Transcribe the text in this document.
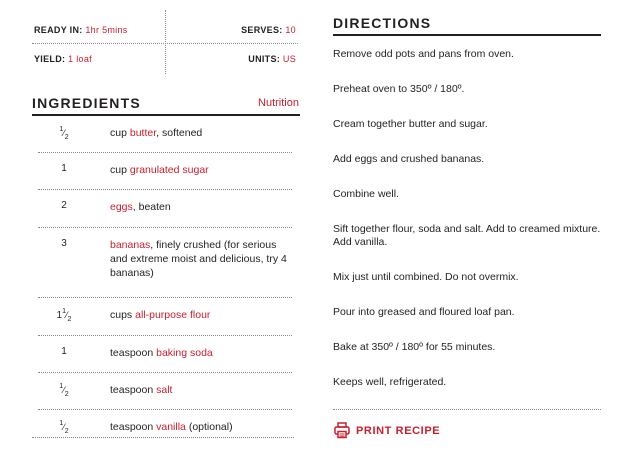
READY IN: 1hr 5mins	SERVES: 10
YIELD: 1 loaf	UNITS: US
INGREDIENTS	Nutrition
$^1⁄_2$	cup butter, softened
1	cup granulated sugar
2	eggs, beaten
3	bananas, finely crushed (for serious and extreme moist and delicious, try 4 bananas)
$1^1⁄_2$	cups all-purpose flour
1	teaspoon baking soda
$^1⁄_2$	teaspoon salt
$^1⁄_2$	teaspoon vanilla (optional)
DIRECTIONS
Remove odd pots and pans from oven.
Preheat oven to 350º / 180º.
Cream together butter and sugar.
Add eggs and crushed bananas.
Combine well.
Sift together flour, soda and salt. Add to creamed mixture. Add vanilla.
Mix just until combined. Do not overmix.
Pour into greased and floured loaf pan.
Bake at 350º / 180º for 55 minutes.
Keeps well, refrigerated.
PRINT RECIPE
